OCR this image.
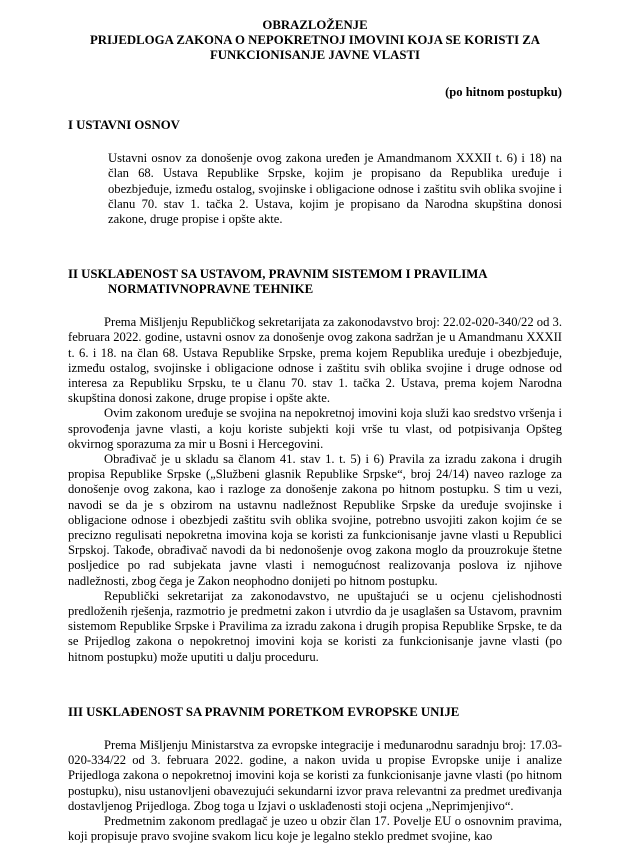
OBRAZLOŽENJE
PRIJEDLOGA ZAKONA O NEPOKRETNOJ IMOVINI KOJA SE KORISTI ZA
FUNKCIONISANJE JAVNE VLASTI
(po hitnom postupku)
I USTAVNI OSNOV

Ustavni osnov za donošenje ovog zakona uređen je Amandmanom XXXII t. 6) i 18) na član 68. Ustava Republike Srpske, kojim je propisano da Republika uređuje i obezbjeđuje, između ostalog, svojinske i obligacione odnose i zaštitu svih oblika svojine i članu 70. stav 1. tačka 2. Ustava, kojim je propisano da Narodna skupština donosi zakone, druge propise i opšte akte.

II USKLAĐENOST SA USTAVOM, PRAVNIM SISTEMOM I PRAVILIMA
NORMATIVNOPRAVNE TEHNIKE

Prema Mišljenju Republičkog sekretarijata za zakonodavstvo broj: 22.02-020-340/22 od 3. februara 2022. godine, ustavni osnov za donošenje ovog zakona sadržan je u Amandmanu XXXII t. 6. i 18. na član 68. Ustava Republike Srpske, prema kojem Republika uređuje i obezbjeđuje, između ostalog, svojinske i obligacione odnose i zaštitu svih oblika svojine i druge odnose od interesa za Republiku Srpsku, te u članu 70. stav 1. tačka 2. Ustava, prema kojem Narodna skupština donosi zakone, druge propise i opšte akte.

Ovim zakonom uređuje se svojina na nepokretnoj imovini koja služi kao sredstvo vršenja i sprovođenja javne vlasti, a koju koriste subjekti koji vrše tu vlast, od potpisivanja Opšteg okvirnog sporazuma za mir u Bosni i Hercegovini.

Obrađivač je u skladu sa članom 41. stav 1. t. 5) i 6) Pravila za izradu zakona i drugih propisa Republike Srpske („Službeni glasnik Republike Srpske“, broj 24/14) naveo razloge za donošenje ovog zakona, kao i razloge za donošenje zakona po hitnom postupku. S tim u vezi, navodi se da je s obzirom na ustavnu nadležnost Republike Srpske da uređuje svojinske i obligacione odnose i obezbjedi zaštitu svih oblika svojine, potrebno usvojiti zakon kojim će se precizno regulisati nepokretna imovina koja se koristi za funkcionisanje javne vlasti u Republici Srpskoj. Takođe, obrađivač navodi da bi nedonošenje ovog zakona moglo da prouzrokuje štetne posljedice po rad subjekata javne vlasti i nemogućnost realizovanja poslova iz njihove nadležnosti, zbog čega je Zakon neophodno donijeti po hitnom postupku.

Republički sekretarijat za zakonodavstvo, ne upuštajući se u ocjenu cjelishodnosti predloženih rješenja, razmotrio je predmetni zakon i utvrdio da je usaglašen sa Ustavom, pravnim sistemom Republike Srpske i Pravilima za izradu zakona i drugih propisa Republike Srpske, te da se Prijedlog zakona o nepokretnoj imovini koja se koristi za funkcionisanje javne vlasti (po hitnom postupku) može uputiti u dalju proceduru.

III USKLAĐENOST SA PRAVNIM PORETKOM EVROPSKE UNIJE

Prema Mišljenju Ministarstva za evropske integracije i međunarodnu saradnju broj: 17.03-020-334/22 od 3. februara 2022. godine, a nakon uvida u propise Evropske unije i analize Prijedloga zakona o nepokretnoj imovini koja se koristi za funkcionisanje javne vlasti (po hitnom postupku), nisu ustanovljeni obavezujući sekundarni izvor prava relevantni za predmet uređivanja dostavljenog Prijedloga. Zbog toga u Izjavi o usklađenosti stoji ocjena „Neprimjenjivo“.

Predmetnim zakonom predlagač je uzeo u obzir član 17. Povelje EU o osnovnim pravima, koji propisuje pravo svojine svakom licu koje je legalno steklo predmet svojine, kao
